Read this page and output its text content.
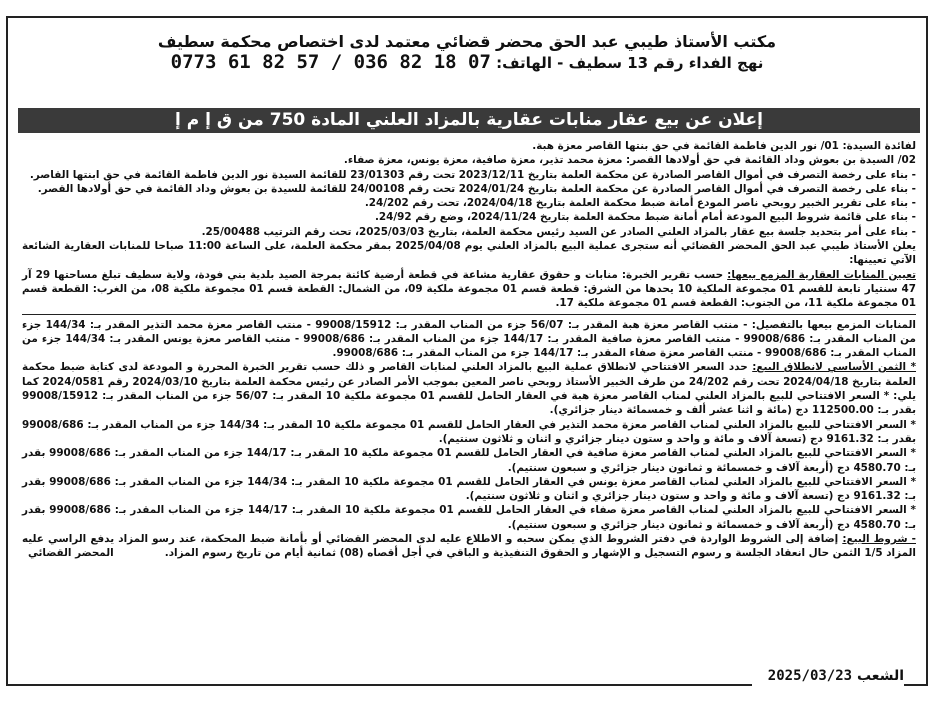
مكتب الأستاذ طيبي عبد الحق محضر قضائي معتمد لدى اختصاص محكمة سطيف
نهج الفداء رقم 13 سطيف - الهاتف: 0773 61 82 57 / 036 82 18 07
إعلان عن بيع عقار منابات عقارية بالمزاد العلني المادة 750 من ق إ م إ

لفائدة السيدة: 01/ نور الدين فاطمة القائمة في حق بنتها القاصر معزة هبة.

02/ السيدة بن بعوش وداد القائمة في حق أولادها القصر: معزة محمد تذير، معزة صافية، معزة يونس، معزة صفاء.

- بناء على رخصة التصرف في أموال القاصر الصادرة عن محكمة العلمة بتاريخ 2023/12/11 تحت رقم 23/01303 للقائمة السيدة نور الدين فاطمة القائمة في حق ابنتها القاصر.

- بناء على رخصة التصرف في أموال القاصر الصادرة عن محكمة العلمة بتاريخ 2024/01/24 تحت رقم 24/00108 للقائمة للسيدة بن بعوش وداد القائمة في حق أولادها القصر.

- بناء على تقرير الخبير روبحي ناصر المودع أمانة ضبط محكمة العلمة بتاريخ 2024/04/18، تحت رقم 24/202.

- بناء على قائمة شروط البيع المودعة أمام أمانة ضبط محكمة العلمة بتاريخ 2024/11/24، وضع رقم 24/92.

- بناء على أمر بتحديد جلسة بيع عقار بالمزاد العلني الصادر عن السيد رئيس محكمة العلمة، بتاريخ 2025/03/03، تحت رقم الترتيب 25/00488.

يعلن الأستاذ طيبي عبد الحق المحضر القضائي أنه ستجرى عملية البيع بالمزاد العلني يوم 2025/04/08 بمقر محكمة العلمة، على الساعة 11:00 صباحا للمنابات العقارية الشائعة الآتي تعيينها:

تعيين المنابات العقارية المزمع بيعها: حسب تقرير الخبرة: منابات و حقوق عقارية مشاعة في قطعة أرضية كائنة بمرجة الصيد بلدية بني فودة، ولاية سطيف تبلغ مساحتها 29 آر 47 سنتيار تابعة للقسم 01 مجموعة الملكية 10 يحدها من الشرق: قطعة قسم 01 مجموعة ملكية 09، من الشمال: القطعة قسم 01 مجموعة ملكية 08، من الغرب: القطعة قسم 01 مجموعة ملكية 11، من الجنوب: القطعة قسم 01 مجموعة ملكية 17.

المنابات المزمع بيعها بالتفصيل: - منتب القاصر معزة هبة المقدر بـ: 56/07 جزء من المناب المقدر بـ: 99008/15912 - منتب القاصر معزة محمد التذير المقدر بـ: 144/34 جزء من المناب المقدر بـ: 99008/686 - منتب القاصر معزة صافية المقدر بـ: 144/17 جزء من المناب المقدر بـ: 99008/686 - منتب القاصر معزة يونس المقدر بـ: 144/34 جزء من المناب المقدر بـ: 99008/686 - منتب القاصر معزة صفاء المقدر بـ: 144/17 جزء من المناب المقدر بـ: 99008/686.

* الثمن الأساسي لانطلاق البيع: حدد السعر الافتتاحي لانطلاق عملية البيع بالمزاد العلني لمنابات القاصر و ذلك حسب تقرير الخبرة المحررة و المودعة لدى كتابة ضبط محكمة العلمة بتاريخ 2024/04/18 تحت رقم 24/202 من طرف الخبير الأستاذ روبحي ناصر المعين بموجب الأمر الصادر عن رئيس محكمة العلمة بتاريخ 2024/03/10 رقم 2024/0581 كما يلي: * السعر الافتتاحي للبيع بالمزاد العلني لمناب القاصر معزة هبة في العقار الحامل للقسم 01 مجموعة ملكية 10 المقدر بـ: 56/07 جزء من المناب المقدر بـ: 99008/15912 بقدر بـ: 112500.00 دج (مائة و اثنا عشر ألف و خمسمائة دينار جزائري).

* السعر الافتتاحي للبيع بالمزاد العلني لمناب القاصر معزة محمد التذير في العقار الحامل للقسم 01 مجموعة ملكية 10 المقدر بـ: 144/34 جزء من المناب المقدر بـ: 99008/686 بقدر بـ: 9161.32 دج (تسعة آلاف و مائة و واحد و ستون دينار جزائري و اثنان و ثلاثون سنتيم).

* السعر الافتتاحي للبيع بالمزاد العلني لمناب القاصر معزة صافية في العقار الحامل للقسم 01 مجموعة ملكية 10 المقدر بـ: 144/17 جزء من المناب المقدر بـ: 99008/686 بقدر بـ: 4580.70 دج (أربعة آلاف و خمسمائة و ثمانون دينار جزائري و سبعون سنتيم).

* السعر الافتتاحي للبيع بالمزاد العلني لمناب القاصر معزة يونس في العقار الحامل للقسم 01 مجموعة ملكية 10 المقدر بـ: 144/34 جزء من المناب المقدر بـ: 99008/686 بقدر بـ: 9161.32 دج (تسعة آلاف و مائة و واحد و ستون دينار جزائري و اثنان و ثلاثون سنتيم).

* السعر الافتتاحي للبيع بالمزاد العلني لمناب القاصر معزة صفاء في العقار الحامل للقسم 01 مجموعة ملكية 10 المقدر بـ: 144/17 جزء من المناب المقدر بـ: 99008/686 بقدر بـ: 4580.70 دج (أربعة آلاف و خمسمائة و ثمانون دينار جزائري و سبعون سنتيم).

- شروط البيع: إضافة إلى الشروط الواردة في دفتر الشروط الذي يمكن سحبه و الاطلاع عليه لدى المحضر القضائي أو بأمانة ضبط المحكمة، عند رسو المزاد يدفع الراسي عليه المزاد 1/5 الثمن حال انعقاد الجلسة و رسوم التسجيل و الإشهار و الحقوق التنفيذية و الباقي في أجل أقصاه (08) ثمانية أيام من تاريخ رسوم المزاد.
المحضر القضائي

الشعب 2025/03/23
